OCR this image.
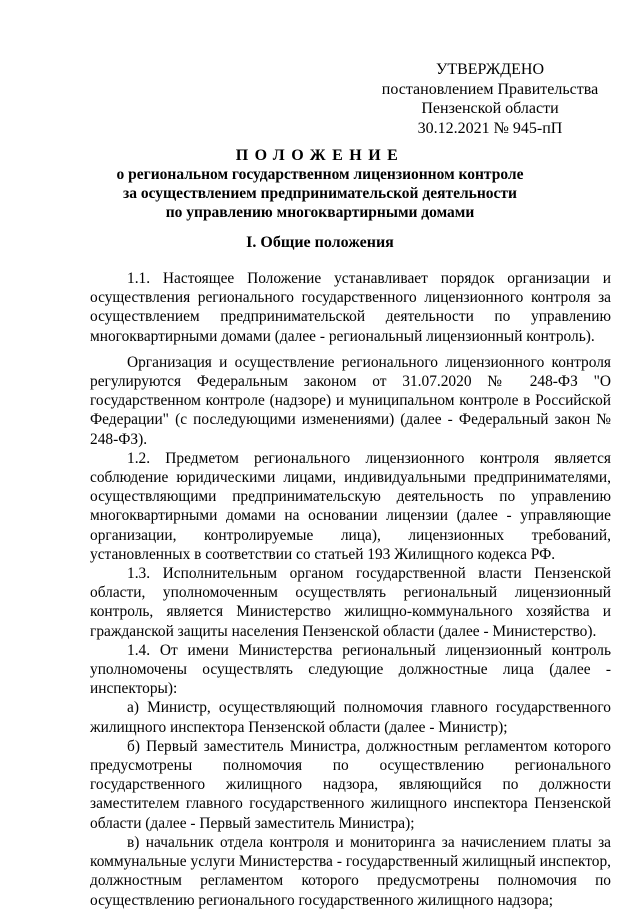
УТВЕРЖДЕНО
постановлением Правительства
Пензенской области
30.12.2021 № 945-пП
ПОЛОЖЕНИЕ
о региональном государственном лицензионном контроле
за осуществлением предпринимательской деятельности
по управлению многоквартирными домами
I. Общие положения

1.1. Настоящее Положение устанавливает порядок организации и осуществления регионального государственного лицензионного контроля за осуществлением предпринимательской деятельности по управлению многоквартирными домами (далее - региональный лицензионный контроль).

Организация и осуществление регионального лицензионного контроля регулируются Федеральным законом от 31.07.2020 № 248-ФЗ "О государственном контроле (надзоре) и муниципальном контроле в Российской Федерации" (с последующими изменениями) (далее - Федеральный закон № 248-ФЗ).

1.2. Предметом регионального лицензионного контроля является соблюдение юридическими лицами, индивидуальными предпринимателями, осуществляющими предпринимательскую деятельность по управлению многоквартирными домами на основании лицензии (далее - управляющие организации, контролируемые лица), лицензионных требований, установленных в соответствии со статьей 193 Жилищного кодекса РФ.

1.3. Исполнительным органом государственной власти Пензенской области, уполномоченным осуществлять региональный лицензионный контроль, является Министерство жилищно-коммунального хозяйства и гражданской защиты населения Пензенской области (далее - Министерство).

1.4. От имени Министерства региональный лицензионный контроль уполномочены осуществлять следующие должностные лица (далее - инспекторы):

а) Министр, осуществляющий полномочия главного государственного жилищного инспектора Пензенской области (далее - Министр);

б) Первый заместитель Министра, должностным регламентом которого предусмотрены полномочия по осуществлению регионального государственного жилищного надзора, являющийся по должности заместителем главного государственного жилищного инспектора Пензенской области (далее - Первый заместитель Министра);

в) начальник отдела контроля и мониторинга за начислением платы за коммунальные услуги Министерства - государственный жилищный инспектор, должностным регламентом которого предусмотрены полномочия по осуществлению регионального государственного жилищного надзора;
